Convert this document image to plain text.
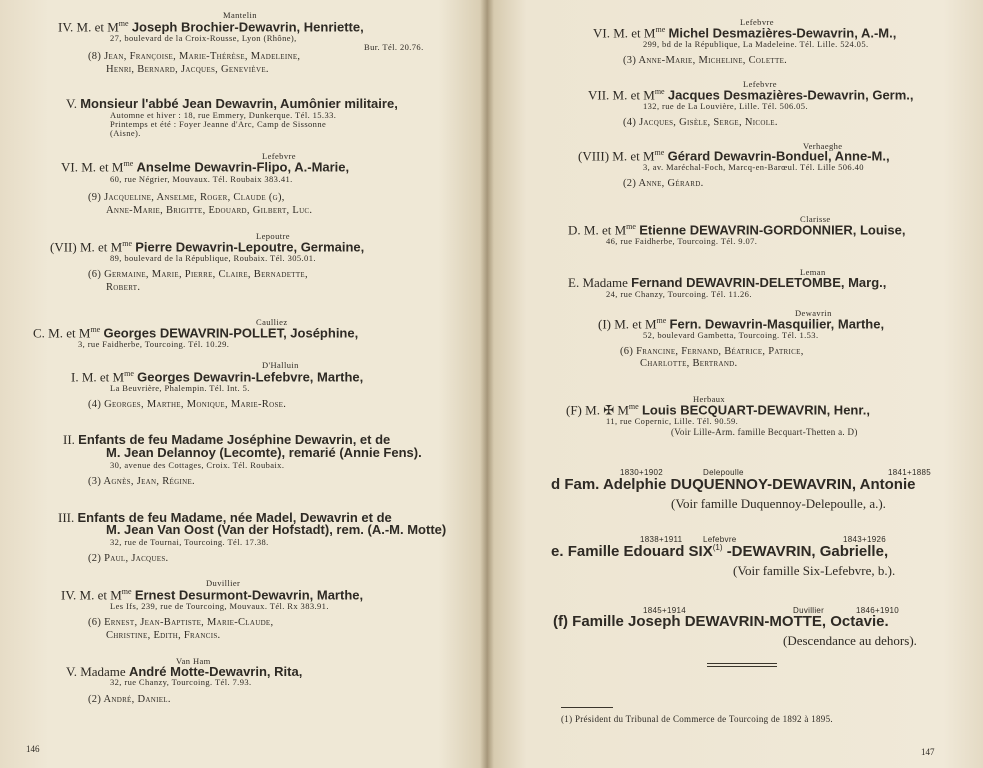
Mantelin
IV. M. et $M^{me}$ Joseph Brochier-Dewavrin, Henriette,
27, boulevard de la Croix-Rousse, Lyon (Rhône),
Bur. Tél. 20.76.
(8) Jean, Françoise, Marie-Thérèse, Madeleine,
Henri, Bernard, Jacques, Geneviève.
V. Monsieur l'abbé Jean Dewavrin, Aumônier militaire,
Automne et hiver : 18, rue Emmery, Dunkerque. Tél. 15.33.
Printemps et été : Foyer Jeanne d'Arc, Camp de Sissonne
(Aisne).
Lefebvre
VI. M. et $M^{me}$ Anselme Dewavrin-Flipo, A.-Marie,
60, rue Négrier, Mouvaux. Tél. Roubaix 383.41.
(9) Jacqueline, Anselme, Roger, Claude (g),
Anne-Marie, Brigitte, Edouard, Gilbert, Luc.
Lepoutre
(VII) M. et $M^{me}$ Pierre Dewavrin-Lepoutre, Germaine,
89, boulevard de la République, Roubaix. Tél. 305.01.
(6) Germaine, Marie, Pierre, Claire, Bernadette,
Robert.
Caulliez
C. M. et $M^{me}$ Georges DEWAVRIN-POLLET, Joséphine,
3, rue Faidherbe, Tourcoing. Tél. 10.29.
D'Halluin
I. M. et $M^{me}$ Georges Dewavrin-Lefebvre, Marthe,
La Beuvrière, Phalempin. Tél. Int. 5.
(4) Georges, Marthe, Monique, Marie-Rose.
II. Enfants de feu Madame Joséphine Dewavrin, et de
M. Jean Delannoy (Lecomte), remarié (Annie Fens).
30, avenue des Cottages, Croix. Tél. Roubaix.
(3) Agnès, Jean, Régine.
III. Enfants de feu Madame, née Madel, Dewavrin et de
M. Jean Van Oost (Van der Hofstadt), rem. (A.-M. Motte)
32, rue de Tournai, Tourcoing. Tél. 17.38.
(2) Paul, Jacques.
Duvillier
IV. M. et $M^{me}$ Ernest Desurmont-Dewavrin, Marthe,
Les Ifs, 239, rue de Tourcoing, Mouvaux. Tél. Rx 383.91.
(6) Ernest, Jean-Baptiste, Marie-Claude,
Christine, Edith, Francis.
Van Ham
V. Madame André Motte-Dewavrin, Rita,
32, rue Chanzy, Tourcoing. Tél. 7.93.
(2) André, Daniel.
146
Lefebvre
VI. M. et $M^{me}$ Michel Desmazières-Dewavrin, A.-M.,
299, bd de la République, La Madeleine. Tél. Lille. 524.05.
(3) Anne-Marie, Micheline, Colette.
Lefebvre
VII. M. et $M^{me}$ Jacques Desmazières-Dewavrin, Germ.,
132, rue de La Louvière, Lille. Tél. 506.05.
(4) Jacques, Gisèle, Serge, Nicole.
Verhaeghe
(VIII) M. et $M^{me}$ Gérard Dewavrin-Bonduel, Anne-M.,
3, av. Maréchal-Foch, Marcq-en-Barœul. Tél. Lille 506.40
(2) Anne, Gérard.
Clarisse
D. M. et $M^{me}$ Etienne DEWAVRIN-GORDONNIER, Louise,
46, rue Faidherbe, Tourcoing. Tél. 9.07.
Leman
E. Madame Fernand DEWAVRIN-DELETOMBE, Marg.,
24, rue Chanzy, Tourcoing. Tél. 11.26.
Dewavrin
(I) M. et $M^{me}$ Fern. Dewavrin-Masquilier, Marthe,
52, boulevard Gambetta, Tourcoing. Tél. 1.53.
(6) Francine, Fernand, Béatrice, Patrice,
Charlotte, Bertrand.
Herbaux
(F) M. ✠ $M^{me}$ Louis BECQUART-DEWAVRIN, Henr.,
11, rue Copernic, Lille. Tél. 90.59.
(Voir Lille-Arm. famille Becquart-Thetten a. D)
1830+1902	Delepoulle	1841+1885
d Fam. Adelphie DUQUENNOY-DEWAVRIN, Antonie
(Voir famille Duquennoy-Delepoulle, a.).
1838+1911	Lefebvre	1843+1926
e. Famille Edouard SIX$^{(1)}$ -DEWAVRIN, Gabrielle,
(Voir famille Six-Lefebvre, b.).
1845+1914	Duvillier	1846+1910
(f) Famille Joseph DEWAVRIN-MOTTE, Octavie.
(Descendance au dehors).
(1) Président du Tribunal de Commerce de Tourcoing de 1892 à 1895.
147
